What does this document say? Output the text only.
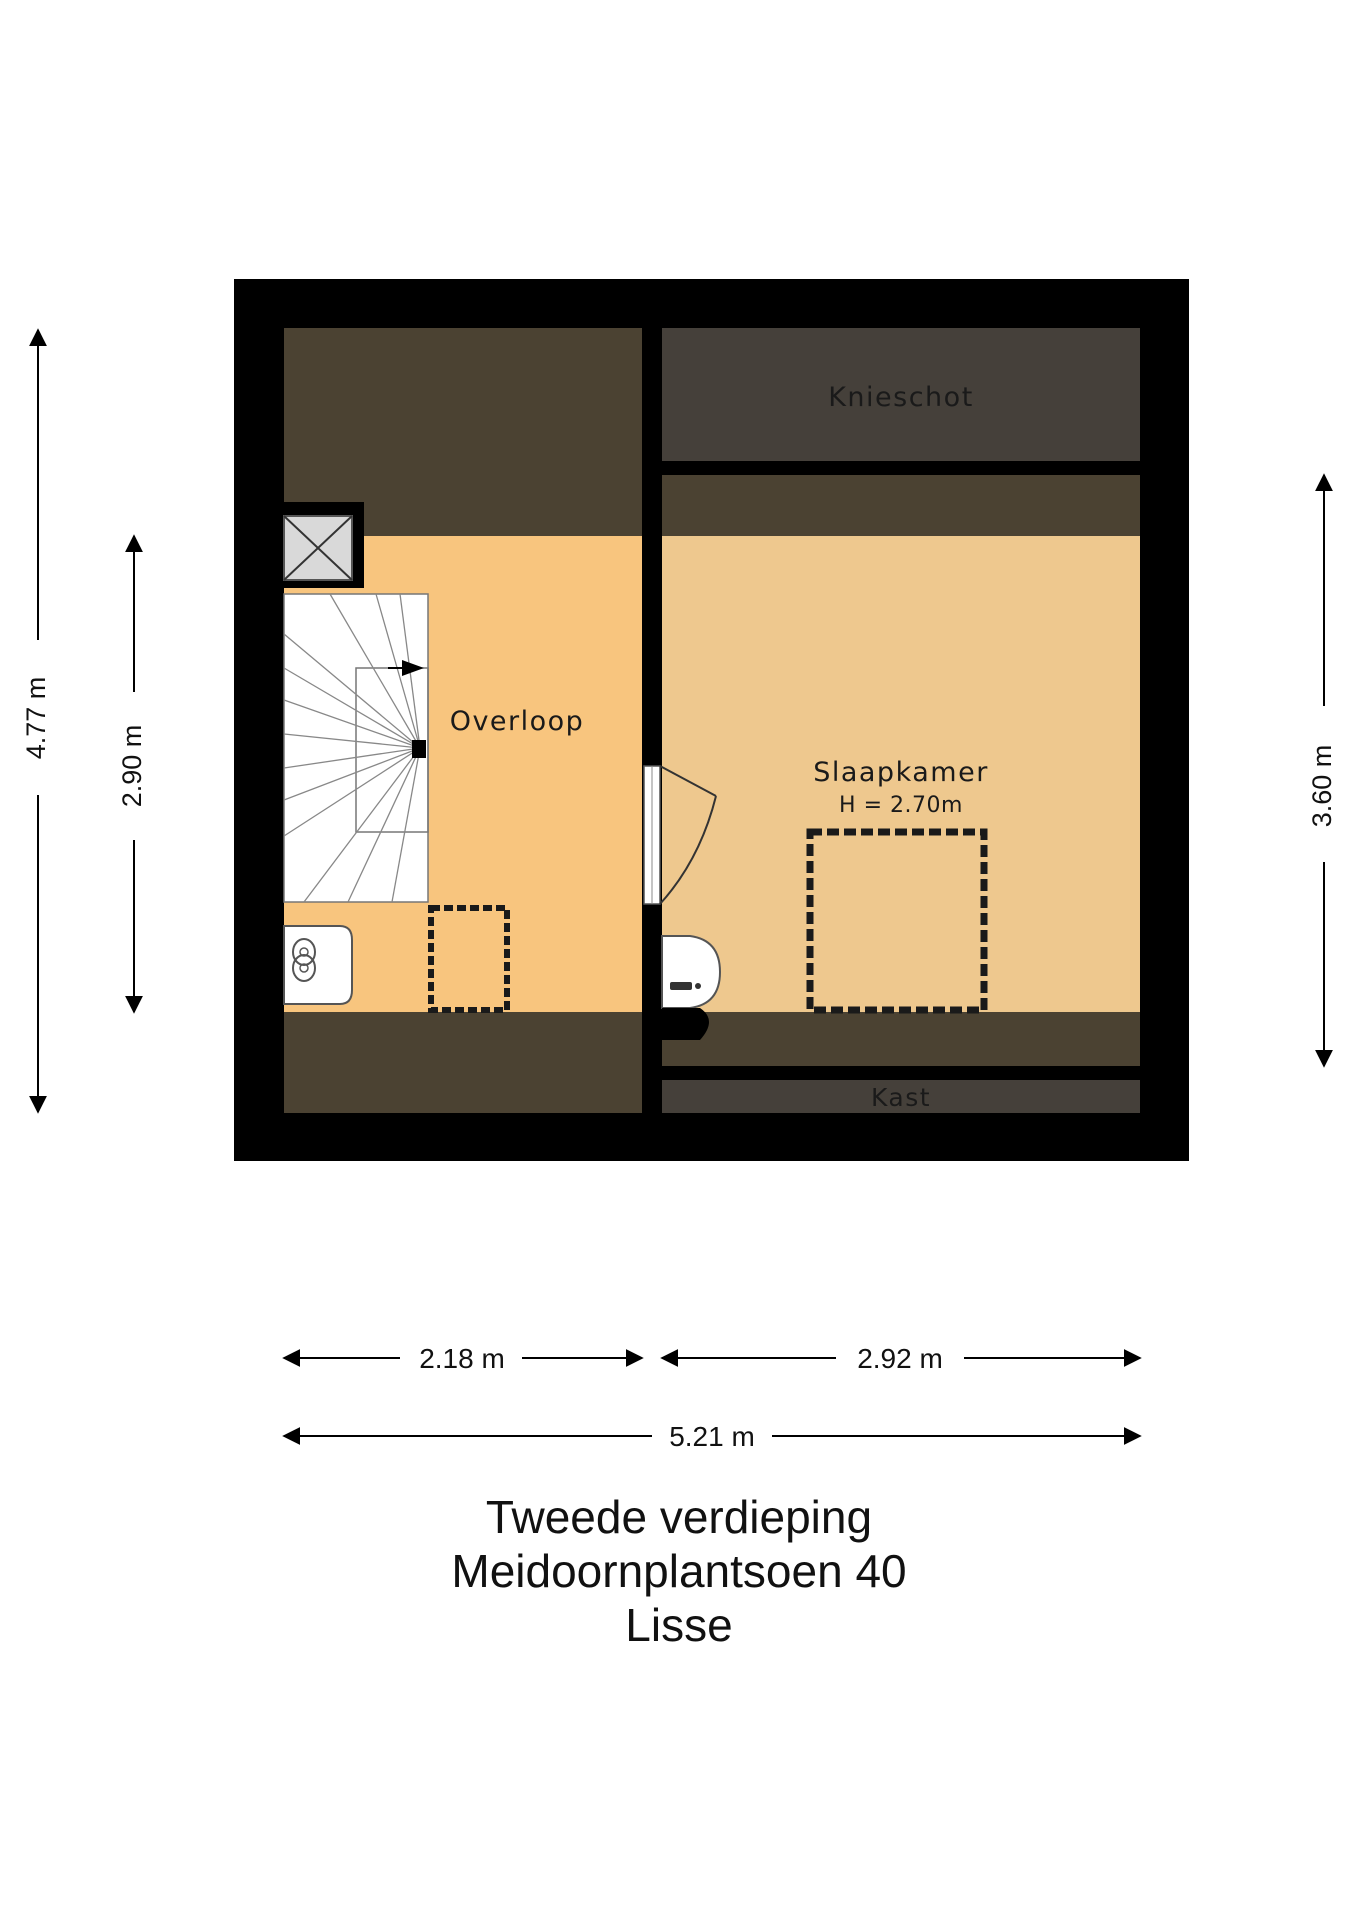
Knieschot
Overloop
Slaapkamer
H = 2.70m
Kast
4.77 m
2.90 m	3.60 m
2.18 m	2.92 m
5.21 m
Tweede verdieping
Meidoornplantsoen 40
Lisse
